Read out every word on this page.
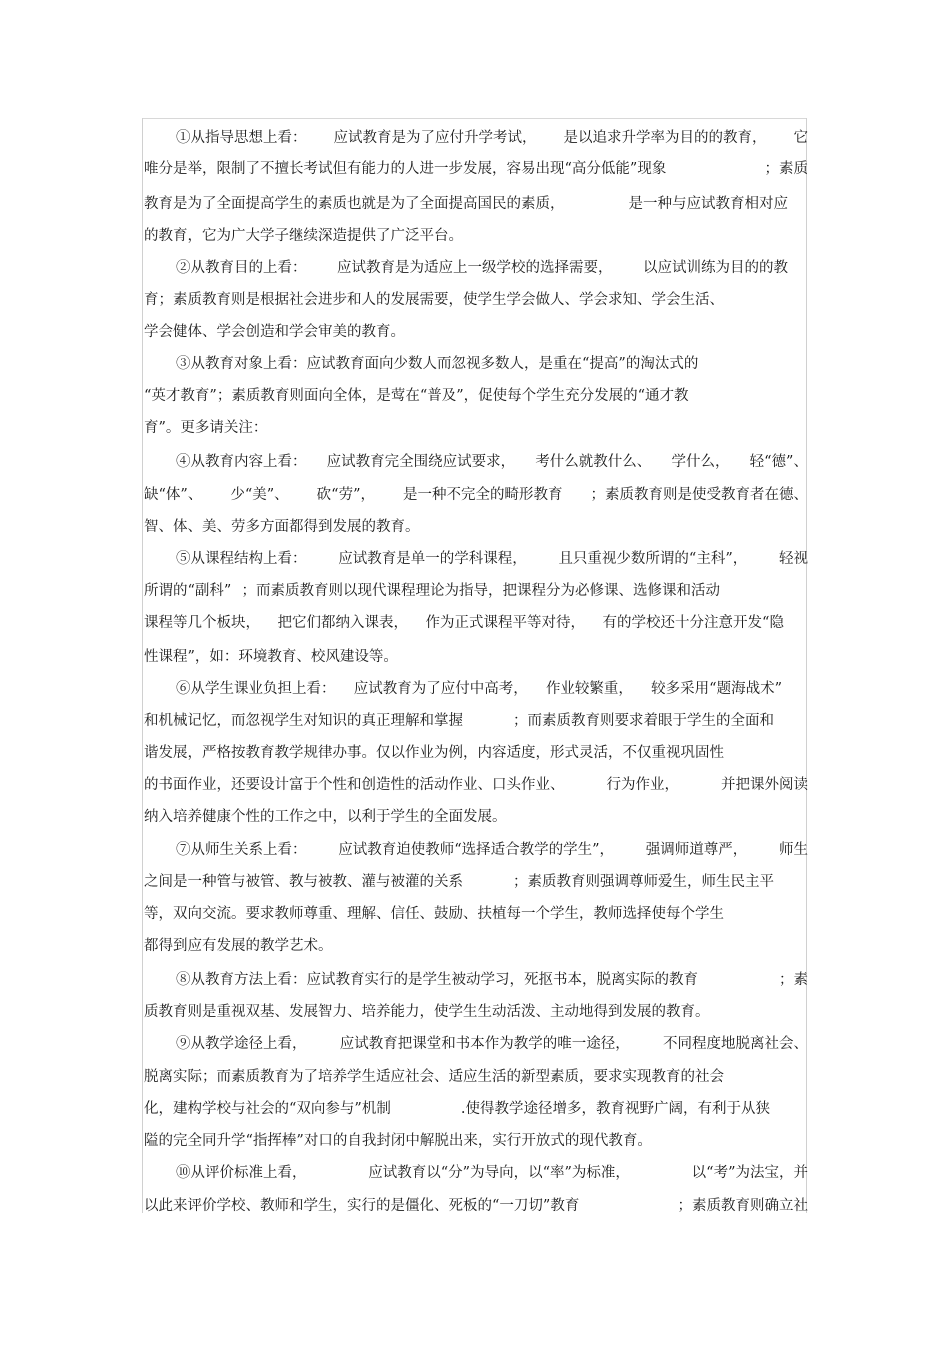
①从指导思想上看： 应试教育是为了应付升学考试， 是以追求升学率为目的的教育， 它
唯分是举，限制了不擅长考试但有能力的人进一步发展，容易出现“高分低能”现象	；素质
教育是为了全面提高学生的素质也就是为了全面提高国民的素质，	是一种与应试教育相对应
的教育，它为广大学子继续深造提供了广泛平台。
②从教育目的上看： 应试教育是为适应上一级学校的选择需要， 以应试训练为目的的教
育；素质教育则是根据社会进步和人的发展需要，使学生学会做人、学会求知、学会生活、
学会健体、学会创造和学会审美的教育。
③从教育对象上看：应试教育面向少数人而忽视多数人，是重在“提高”的淘汰式的
“英才教育”；素质教育则面向全体，是莺在“普及”，促使每个学生充分发展的“通才教
育”。更多请关注：
④从教育内容上看： 应试教育完全围绕应试要求， 考什么就教什么、 学什么， 轻“德”、
缺“体”、 少“美”、 砍“劳”， 是一种不完全的畸形教育 ；素质教育则是使受教育者在德、
智、体、美、劳多方面都得到发展的教育。
⑤从课程结构上看： 应试教育是单一的学科课程， 且只重视少数所谓的“主科”， 轻视
所谓的“副科” ；而素质教育则以现代课程理论为指导，把课程分为必修课、选修课和活动
课程等几个板块， 把它们都纳入课表， 作为正式课程平等对待， 有的学校还十分注意开发“隐
性课程”，如：环境教育、校风建设等。
⑥从学生课业负担上看： 应试教育为了应付中高考， 作业较繁重， 较多采用“题海战术”
和机械记忆，而忽视学生对知识的真正理解和掌握	；而素质教育则要求着眼于学生的全面和
谐发展，严格按教育教学规律办事。仅以作业为例，内容适度，形式灵活，不仅重视巩固性
的书面作业，还要设计富于个性和创造性的活动作业、口头作业、	行为作业，	并把课外阅读
纳入培养健康个性的工作之中，以利于学生的全面发展。
⑦从师生关系上看： 应试教育迫使教师“选择适合教学的学生”， 强调师道尊严， 师生
之间是一种管与被管、教与被教、灌与被灌的关系	；素质教育则强调尊师爱生，师生民主平
等，双向交流。要求教师尊重、理解、信任、鼓励、扶植每一个学生，教师选择使每个学生
都得到应有发展的教学艺术。
⑧从教育方法上看：应试教育实行的是学生被动学习，死抠书本，脱离实际的教育	；素
质教育则是重视双基、发展智力、培养能力，使学生生动活泼、主动地得到发展的教育。
⑨从教学途径上看， 应试教育把课堂和书本作为教学的唯一途径， 不同程度地脱离社会、
脱离实际；而素质教育为了培养学生适应社会、适应生活的新型素质，要求实现教育的社会
化，建构学校与社会的“双向参与”机制	.使得教学途径增多，教育视野广阔，有利于从狭
隘的完全同升学“指挥棒”对口的自我封闭中解脱出来，实行开放式的现代教育。
⑩从评价标准上看，	应试教育以“分”为导向，以“率”为标准，	以“考”为法宝，并
以此来评价学校、教师和学生，实行的是僵化、死板的“一刀切”教育	；素质教育则确立社
